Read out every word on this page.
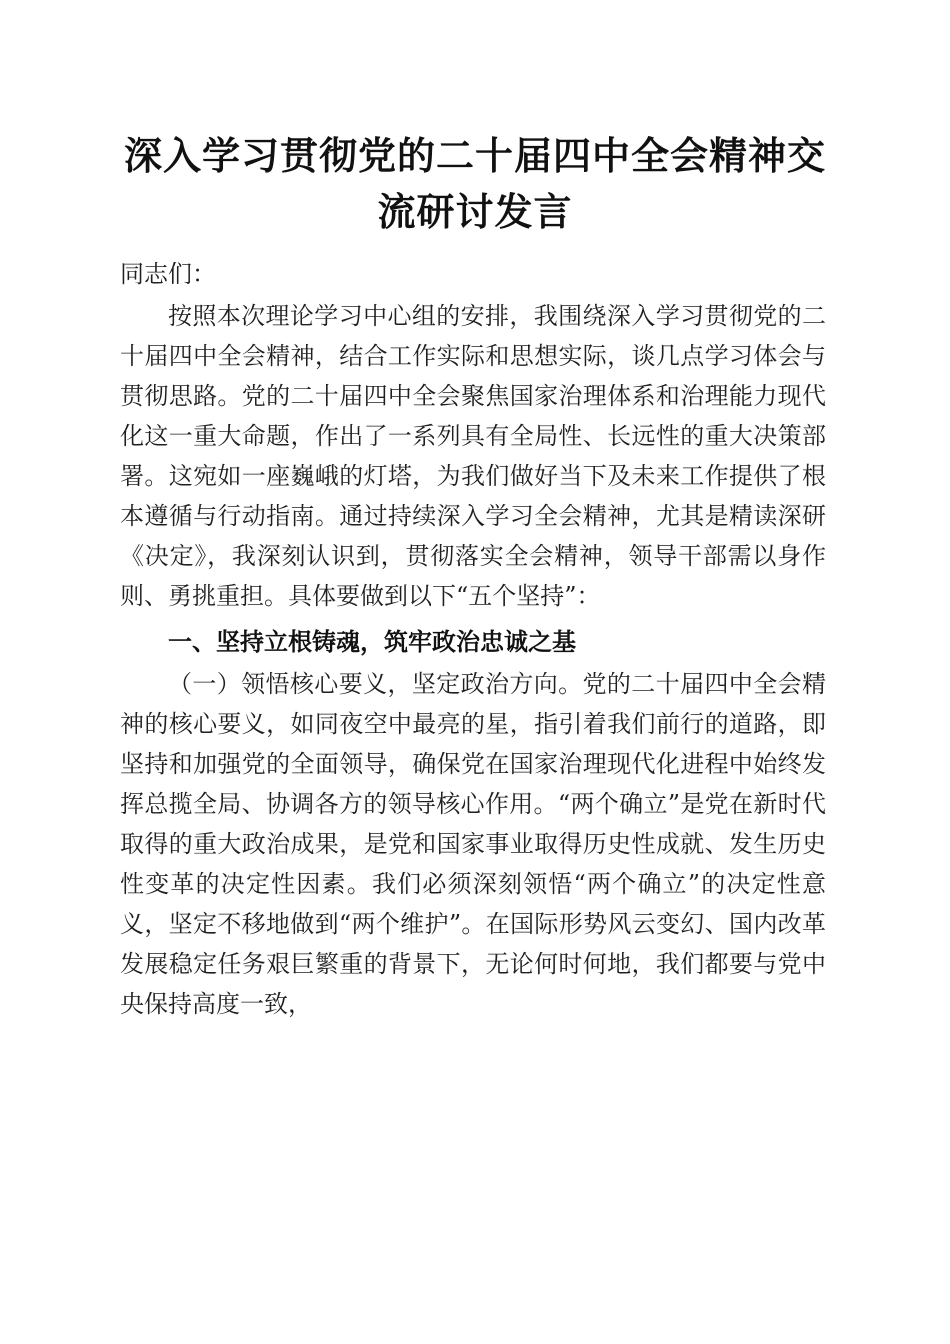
深入学习贯彻党的二十届四中全会精神交流研讨发言

同志们：

按照本次理论学习中心组的安排，我围绕深入学习贯彻党的二十届四中全会精神，结合工作实际和思想实际，谈几点学习体会与贯彻思路。党的二十届四中全会聚焦国家治理体系和治理能力现代化这一重大命题，作出了一系列具有全局性、长远性的重大决策部署。这宛如一座巍峨的灯塔，为我们做好当下及未来工作提供了根本遵循与行动指南。通过持续深入学习全会精神，尤其是精读深研《决定》，我深刻认识到，贯彻落实全会精神，领导干部需以身作则、勇挑重担。具体要做到以下“五个坚持”：

一、坚持立根铸魂，筑牢政治忠诚之基

（一）领悟核心要义，坚定政治方向。党的二十届四中全会精神的核心要义，如同夜空中最亮的星，指引着我们前行的道路，即坚持和加强党的全面领导，确保党在国家治理现代化进程中始终发挥总揽全局、协调各方的领导核心作用。“两个确立”是党在新时代取得的重大政治成果，是党和国家事业取得历史性成就、发生历史性变革的决定性因素。我们必须深刻领悟“两个确立”的决定性意义，坚定不移地做到“两个维护”。在国际形势风云变幻、国内改革发展稳定任务艰巨繁重的背景下，无论何时何地，我们都要与党中央保持高度一致，
